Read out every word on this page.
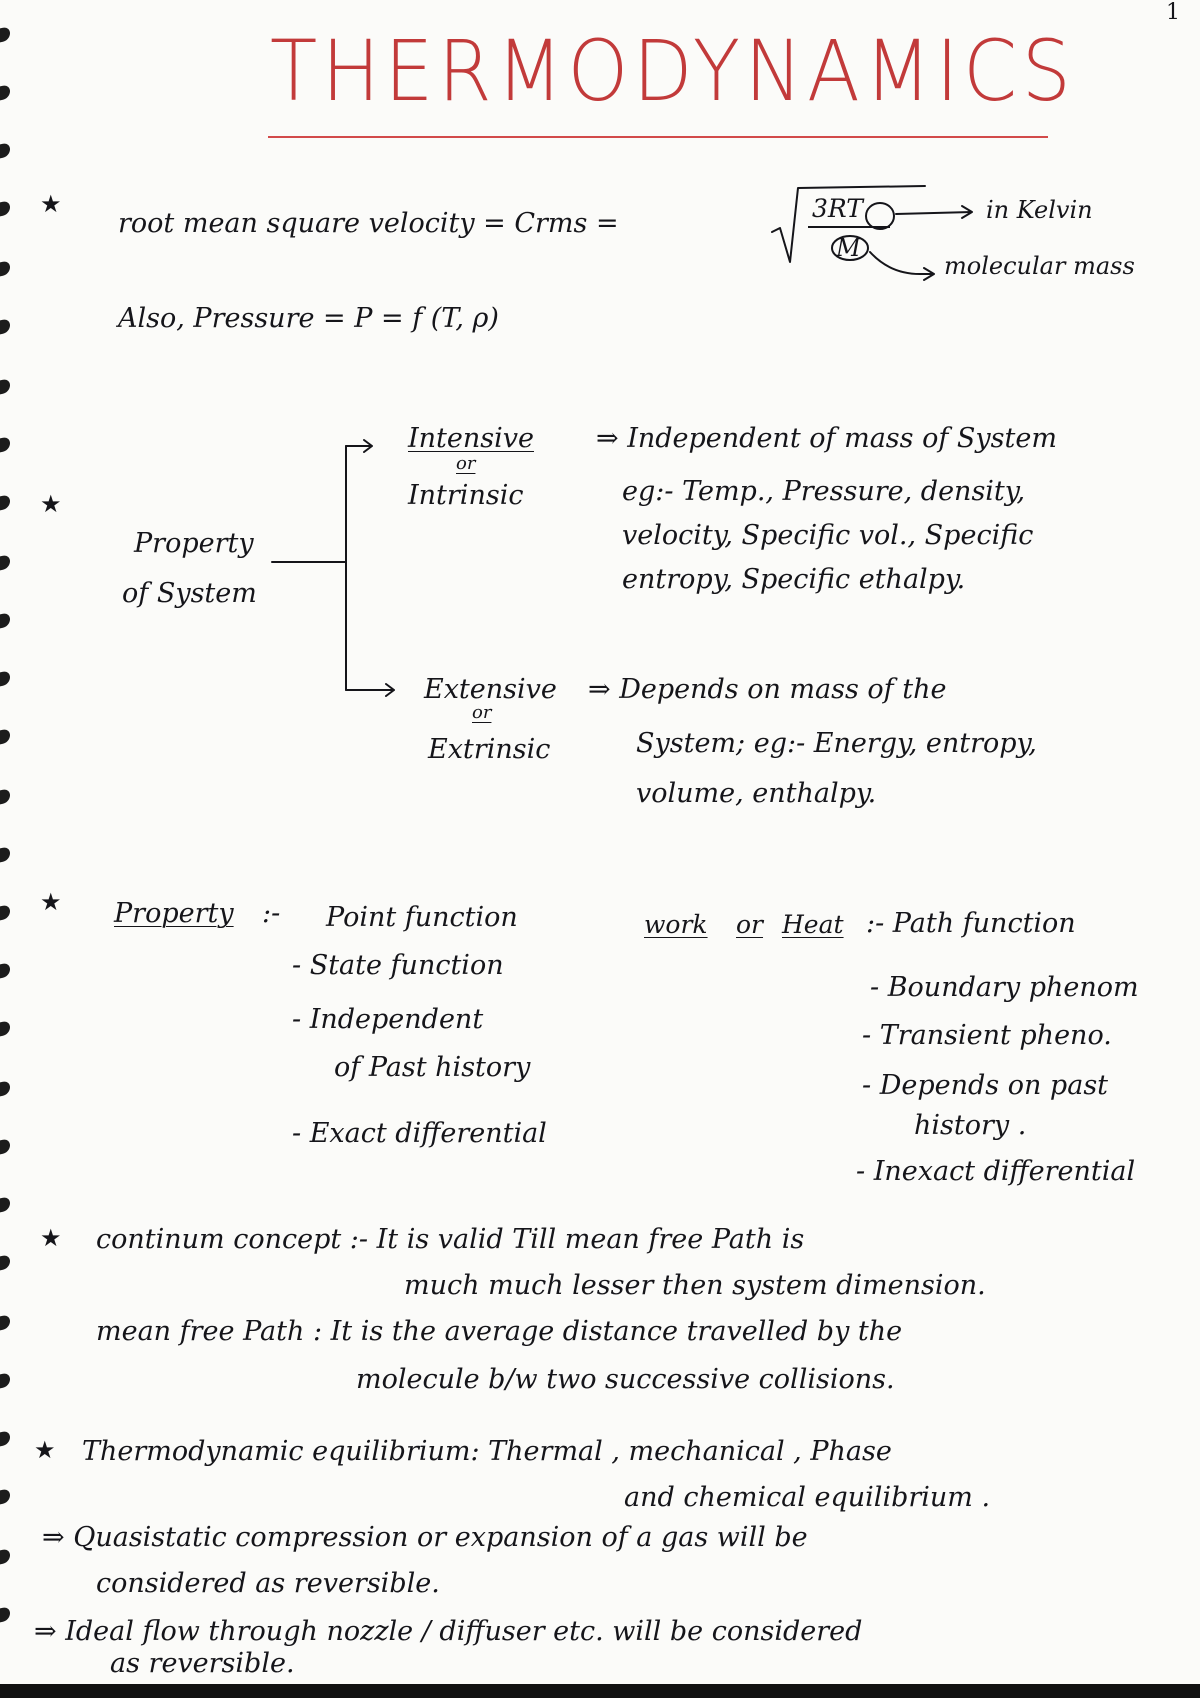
1
THERMODYNAMICS
★
★
★
★
★
root mean square velocity = Crms =	3RT
M
in Kelvin
molecular mass
Also, Pressure = P = f (T, ρ)
Property
of System
Intensive
or
Intrinsic
⇒ Independent of mass of System
eg:- Temp., Pressure, density,
velocity, Specific vol., Specific
entropy, Specific ethalpy.
Extensive
or
Extrinsic
⇒ Depends on mass of the
System; eg:- Energy, entropy,
volume, enthalpy.
Property :- Point function
- State function
- Independent
of Past history
- Exact differential
work or Heat :- Path function
- Boundary phenom
- Transient pheno.
- Depends on past
history .
- Inexact differential
continum concept :- It is valid Till mean free Path is
much much lesser then system dimension.
mean free Path : It is the average distance travelled by the
molecule b/w two successive collisions.
Thermodynamic equilibrium: Thermal , mechanical , Phase
and chemical equilibrium .
⇒ Quasistatic compression or expansion of a gas will be
considered as reversible.
⇒ Ideal flow through nozzle / diffuser etc. will be considered
as reversible.
